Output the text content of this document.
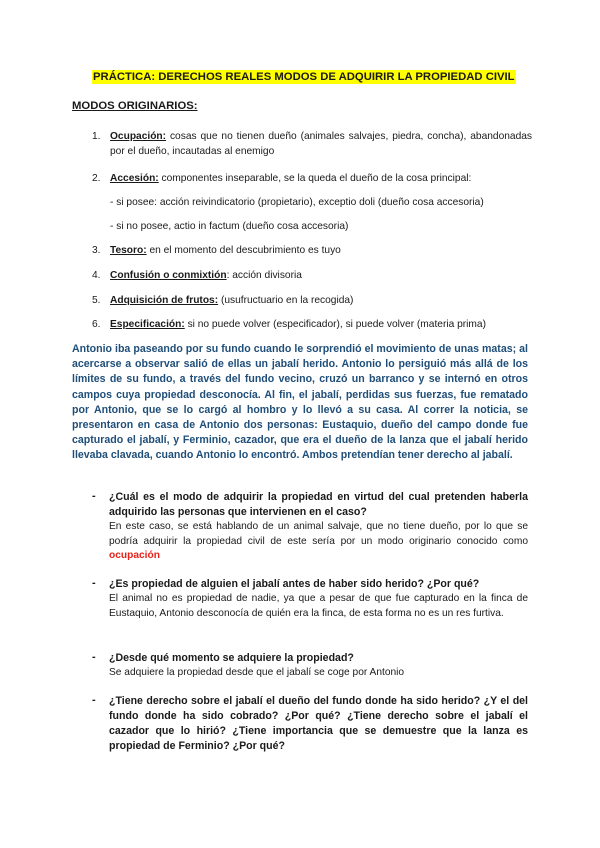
PRÁCTICA: DERECHOS REALES MODOS DE ADQUIRIR LA PROPIEDAD CIVIL
MODOS ORIGINARIOS:
1. Ocupación: cosas que no tienen dueño (animales salvajes, piedra, concha), abandonadas por el dueño, incautadas al enemigo
2. Accesión: componentes inseparable, se la queda el dueño de la cosa principal:
- si posee: acción reivindicatorio (propietario), exceptio doli (dueño cosa accesoria)
- si no posee, actio in factum (dueño cosa accesoria)
3. Tesoro: en el momento del descubrimiento es tuyo
4. Confusión o conmixtión: acción divisoria
5. Adquisición de frutos: (usufructuario en la recogida)
6. Especificación: si no puede volver (especificador), si puede volver (materia prima)
Antonio iba paseando por su fundo cuando le sorprendió el movimiento de unas matas; al acercarse a observar salió de ellas un jabalí herido. Antonio lo persiguió más allá de los límites de su fundo, a través del fundo vecino, cruzó un barranco y se internó en otros campos cuya propiedad desconocía. Al fin, el jabalí, perdidas sus fuerzas, fue rematado por Antonio, que se lo cargó al hombro y lo llevó a su casa. Al correr la noticia, se presentaron en casa de Antonio dos personas: Eustaquio, dueño del campo donde fue capturado el jabalí, y Ferminio, cazador, que era el dueño de la lanza que el jabalí herido llevaba clavada, cuando Antonio lo encontró. Ambos pretendían tener derecho al jabalí.
- ¿Cuál es el modo de adquirir la propiedad en virtud del cual pretenden haberla adquirido las personas que intervienen en el caso?
En este caso, se está hablando de un animal salvaje, que no tiene dueño, por lo que se podría adquirir la propiedad civil de este sería por un modo originario conocido como ocupación
- ¿Es propiedad de alguien el jabalí antes de haber sido herido? ¿Por qué?
El animal no es propiedad de nadie, ya que a pesar de que fue capturado en la finca de Eustaquio, Antonio desconocía de quién era la finca, de esta forma no es un res furtiva.
- ¿Desde qué momento se adquiere la propiedad?
Se adquiere la propiedad desde que el jabalí se coge por Antonio
- ¿Tiene derecho sobre el jabalí el dueño del fundo donde ha sido herido? ¿Y el del fundo donde ha sido cobrado? ¿Por qué? ¿Tiene derecho sobre el jabalí el cazador que lo hirió? ¿Tiene importancia que se demuestre que la lanza es propiedad de Ferminio? ¿Por qué?
